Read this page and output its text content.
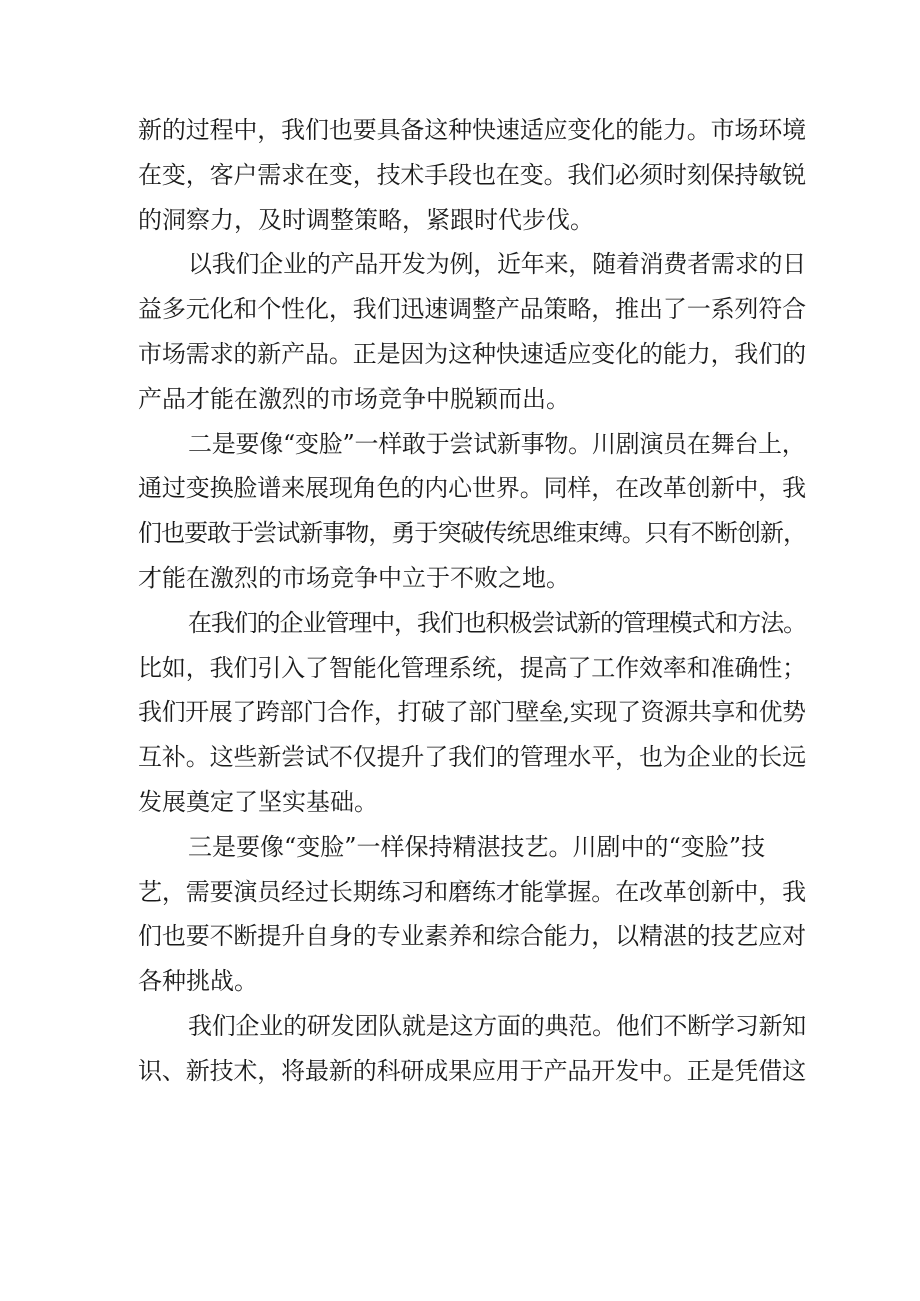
新的过程中，我们也要具备这种快速适应变化的能力。市场环境
在变，客户需求在变，技术手段也在变。我们必须时刻保持敏锐
的洞察力，及时调整策略，紧跟时代步伐。
以我们企业的产品开发为例，近年来，随着消费者需求的日
益多元化和个性化，我们迅速调整产品策略，推出了一系列符合
市场需求的新产品。正是因为这种快速适应变化的能力，我们的
产品才能在激烈的市场竞争中脱颖而出。
二是要像“变脸”一样敢于尝试新事物。川剧演员在舞台上，
通过变换脸谱来展现角色的内心世界。同样，在改革创新中，我
们也要敢于尝试新事物，勇于突破传统思维束缚。只有不断创新，
才能在激烈的市场竞争中立于不败之地。
在我们的企业管理中，我们也积极尝试新的管理模式和方法。
比如，我们引入了智能化管理系统，提高了工作效率和准确性；
我们开展了跨部门合作，打破了部门壁垒,实现了资源共享和优势
互补。这些新尝试不仅提升了我们的管理水平，也为企业的长远
发展奠定了坚实基础。
三是要像“变脸”一样保持精湛技艺。川剧中的“变脸”技
艺，需要演员经过长期练习和磨练才能掌握。在改革创新中，我
们也要不断提升自身的专业素养和综合能力，以精湛的技艺应对
各种挑战。
我们企业的研发团队就是这方面的典范。他们不断学习新知
识、新技术，将最新的科研成果应用于产品开发中。正是凭借这
